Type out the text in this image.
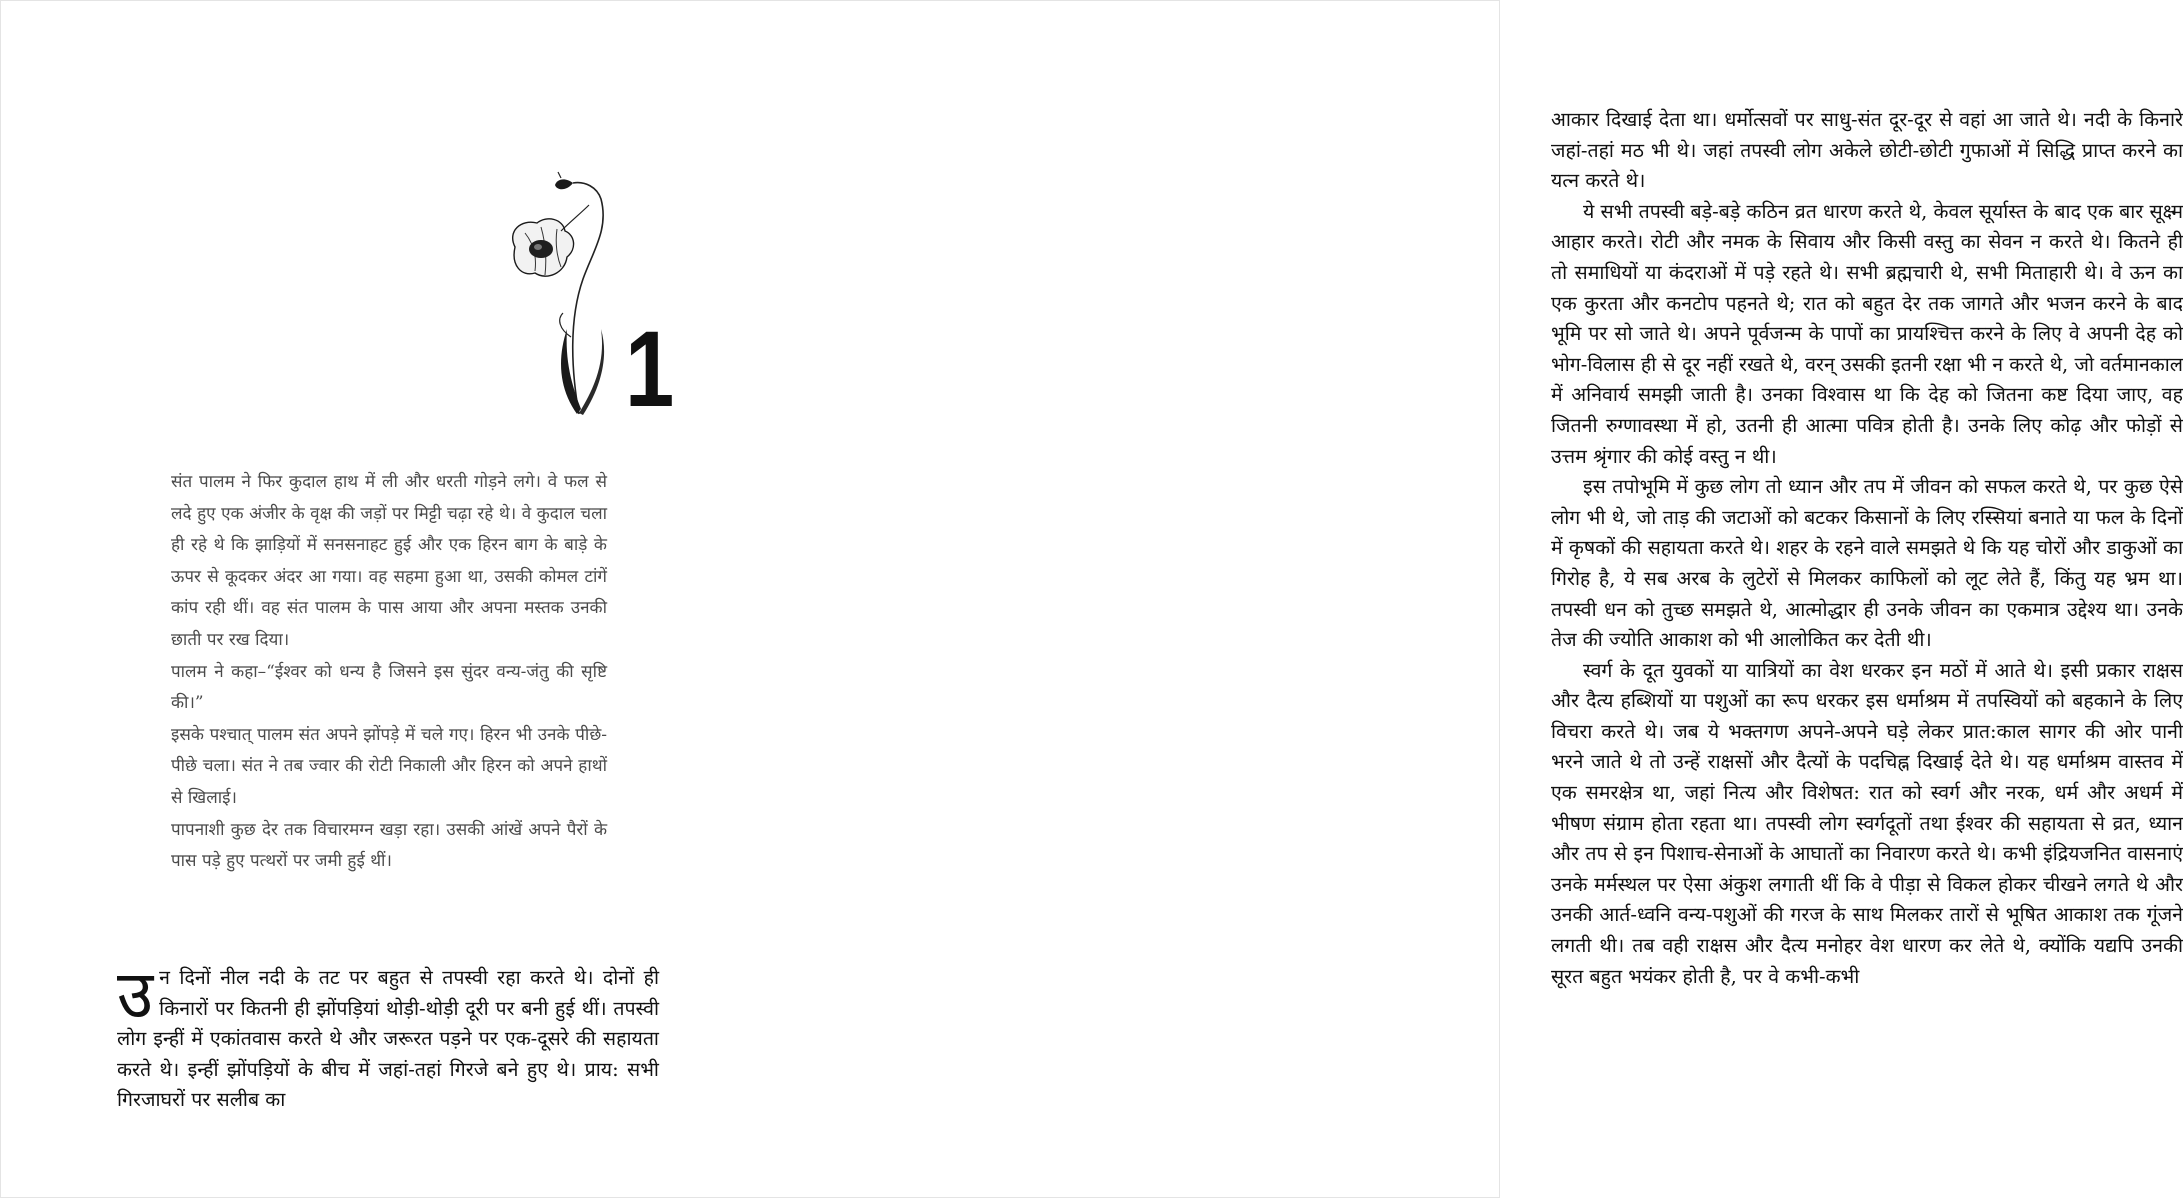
1

संत पालम ने फिर कुदाल हाथ में ली और धरती गोड़ने लगे। वे फल से लदे हुए एक अंजीर के वृक्ष की जड़ों पर मिट्टी चढ़ा रहे थे। वे कुदाल चला ही रहे थे कि झाड़ियों में सनसनाहट हुई और एक हिरन बाग के बाड़े के ऊपर से कूदकर अंदर आ गया। वह सहमा हुआ था, उसकी कोमल टांगें कांप रही थीं। वह संत पालम के पास आया और अपना मस्तक उनकी छाती पर रख दिया।

पालम ने कहा–“ईश्वर को धन्य है जिसने इस सुंदर वन्य-जंतु की सृष्टि की।”

इसके पश्चात् पालम संत अपने झोंपड़े में चले गए। हिरन भी उनके पीछे-पीछे चला। संत ने तब ज्वार की रोटी निकाली और हिरन को अपने हाथों से खिलाई।

पापनाशी कुछ देर तक विचारमग्न खड़ा रहा। उसकी आंखें अपने पैरों के पास पड़े हुए पत्थरों पर जमी हुई थीं।

उन दिनों नील नदी के तट पर बहुत से तपस्वी रहा करते थे। दोनों ही किनारों पर कितनी ही झोंपड़ियां थोड़ी-थोड़ी दूरी पर बनी हुई थीं। तपस्वी लोग इन्हीं में एकांतवास करते थे और जरूरत पड़ने पर एक-दूसरे की सहायता करते थे। इन्हीं झोंपड़ियों के बीच में जहां-तहां गिरजे बने हुए थे। प्राय: सभी गिरजाघरों पर सलीब का

आकार दिखाई देता था। धर्मोत्सवों पर साधु-संत दूर-दूर से वहां आ जाते थे। नदी के किनारे जहां-तहां मठ भी थे। जहां तपस्वी लोग अकेले छोटी-छोटी गुफाओं में सिद्धि प्राप्त करने का यत्न करते थे।

ये सभी तपस्वी बड़े-बड़े कठिन व्रत धारण करते थे, केवल सूर्यास्त के बाद एक बार सूक्ष्म आहार करते। रोटी और नमक के सिवाय और किसी वस्तु का सेवन न करते थे। कितने ही तो समाधियों या कंदराओं में पड़े रहते थे। सभी ब्रह्मचारी थे, सभी मिताहारी थे। वे ऊन का एक कुरता और कनटोप पहनते थे; रात को बहुत देर तक जागते और भजन करने के बाद भूमि पर सो जाते थे। अपने पूर्वजन्म के पापों का प्रायश्चित्त करने के लिए वे अपनी देह को भोग-विलास ही से दूर नहीं रखते थे, वरन् उसकी इतनी रक्षा भी न करते थे, जो वर्तमानकाल में अनिवार्य समझी जाती है। उनका विश्वास था कि देह को जितना कष्ट दिया जाए, वह जितनी रुग्णावस्था में हो, उतनी ही आत्मा पवित्र होती है। उनके लिए कोढ़ और फोड़ों से उत्तम श्रृंगार की कोई वस्तु न थी।

इस तपोभूमि में कुछ लोग तो ध्यान और तप में जीवन को सफल करते थे, पर कुछ ऐसे लोग भी थे, जो ताड़ की जटाओं को बटकर किसानों के लिए रस्सियां बनाते या फल के दिनों में कृषकों की सहायता करते थे। शहर के रहने वाले समझते थे कि यह चोरों और डाकुओं का गिरोह है, ये सब अरब के लुटेरों से मिलकर काफिलों को लूट लेते हैं, किंतु यह भ्रम था। तपस्वी धन को तुच्छ समझते थे, आत्मोद्धार ही उनके जीवन का एकमात्र उद्देश्य था। उनके तेज की ज्योति आकाश को भी आलोकित कर देती थी।

स्वर्ग के दूत युवकों या यात्रियों का वेश धरकर इन मठों में आते थे। इसी प्रकार राक्षस और दैत्य हब्शियों या पशुओं का रूप धरकर इस धर्माश्रम में तपस्वियों को बहकाने के लिए विचरा करते थे। जब ये भक्तगण अपने-अपने घड़े लेकर प्रात:काल सागर की ओर पानी भरने जाते थे तो उन्हें राक्षसों और दैत्यों के पदचिह्न दिखाई देते थे। यह धर्माश्रम वास्तव में एक समरक्षेत्र था, जहां नित्य और विशेषत: रात को स्वर्ग और नरक, धर्म और अधर्म में भीषण संग्राम होता रहता था। तपस्वी लोग स्वर्गदूतों तथा ईश्वर की सहायता से व्रत, ध्यान और तप से इन पिशाच-सेनाओं के आघातों का निवारण करते थे। कभी इंद्रियजनित वासनाएं उनके मर्मस्थल पर ऐसा अंकुश लगाती थीं कि वे पीड़ा से विकल होकर चीखने लगते थे और उनकी आर्त-ध्वनि वन्य-पशुओं की गरज के साथ मिलकर तारों से भूषित आकाश तक गूंजने लगती थी। तब वही राक्षस और दैत्य मनोहर वेश धारण कर लेते थे, क्योंकि यद्यपि उनकी सूरत बहुत भयंकर होती है, पर वे कभी-कभी
